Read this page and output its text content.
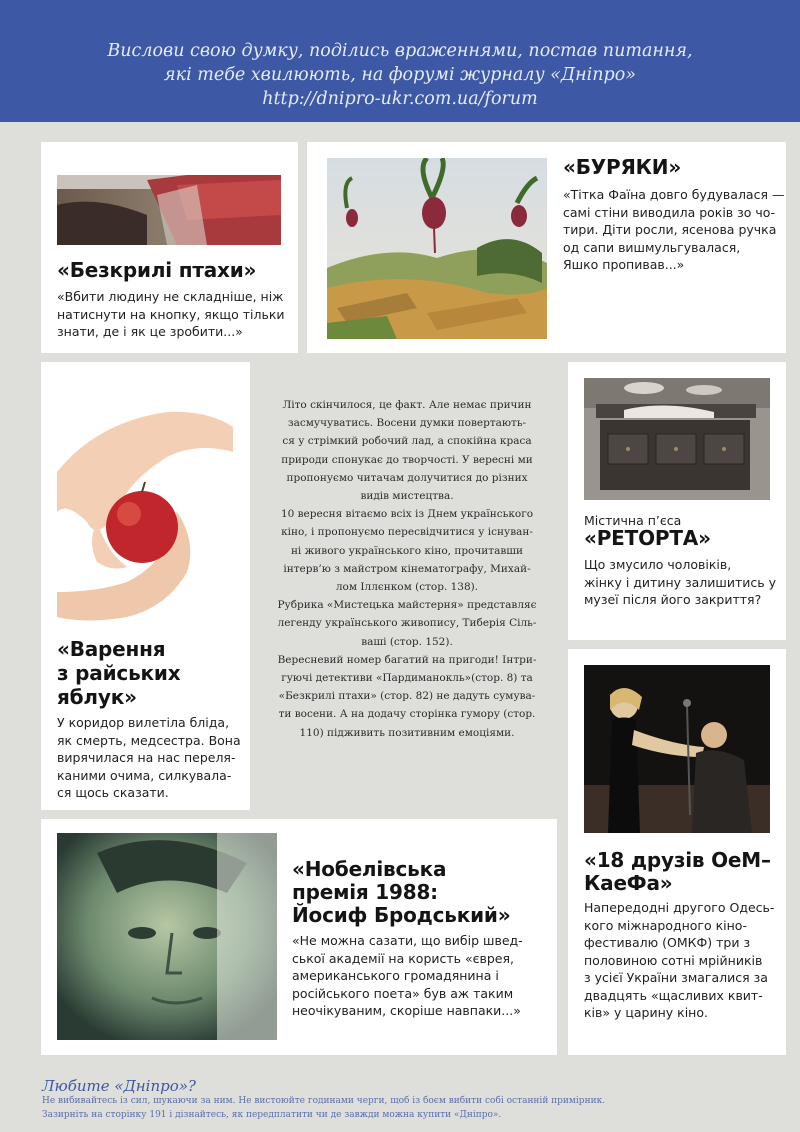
Вислови свою думку, поділись враженнями, постав питання,
які тебе хвилюють, на форумі журналу «Дніпро»
http://dnipro-ukr.com.ua/forum
«Безкрилі птахи»
«Вбити людину не складніше, ніж
натиснути на кнопку, якщо тільки
знати, де і як це зробити...»
«БУРЯКИ»
«Тітка Фаїна довго будувалася —
самі стіни виводила років зо чо-
тири. Діти росли, ясенова ручка
од сапи вишмульгувалася,
Яшко пропивав...»
«Варення
з райських
яблук»
У коридор вилетіла бліда,
як смерть, медсестра. Вона
вирячилася на нас переля-
каними очима, силкувала-
ся щось сказати.

Літо скінчилося, це факт. Але немає причин

засмучуватись. Восени думки повертають-

ся у стрімкий робочий лад, а спокійна краса

природи спонукає до творчості. У вересні ми

пропонуємо читачам долучитися до різних

видів мистецтва.

10 вересня вітаємо всіх із Днем українського

кіно, і пропонуємо пересвідчитися у існуван-

ні живого українського кіно, прочитавши

інтерв’ю з майстром кінематографу, Михай-

лом Іллєнком (стор. 138).

Рубрика «Мистецька майстерня» представляє

легенду українського живопису, Тиберія Сіль-

ваші (стор. 152).

Вересневий номер багатий на пригоди! Інтри-

гуючі детективи «Пардиманокль»(стор. 8) та

«Безкрилі птахи» (стор. 82) не дадуть сумува-

ти восени. А на додачу сторінка гумору (стор.

110) підживить позитивним емоціями.

Містична п’єса
«РЕТОРТА»
Що змусило чоловіків,
жінку і дитину залишитись у
музеї після його закриття?
«Нобелівська
премія 1988:
Йосиф Бродський»
«Не можна сазати, що вибір швед-
ської академії на користь «єврея,
американського громадянина і
російського поета» був аж таким
неочікуваним, скоріше навпаки...»
«18 друзів ОеМ–
КаеФа»
Напередодні другого Одесь-
кого міжнародного кіно-
фестивалю (ОМКФ) три з
половиною сотні мрійників
з усієї України змагалися за
двадцять «щасливих квит-
ків» у царину кіно.
Любите «Дніпро»?
Не вибивайтесь із сил, шукаючи за ним. Не вистоюйте годинами черги, щоб із боєм вибити собі останній примірник.
Зазирніть на сторінку 191 і дізнайтесь, як передплатити чи де завжди можна купити «Дніпро».
